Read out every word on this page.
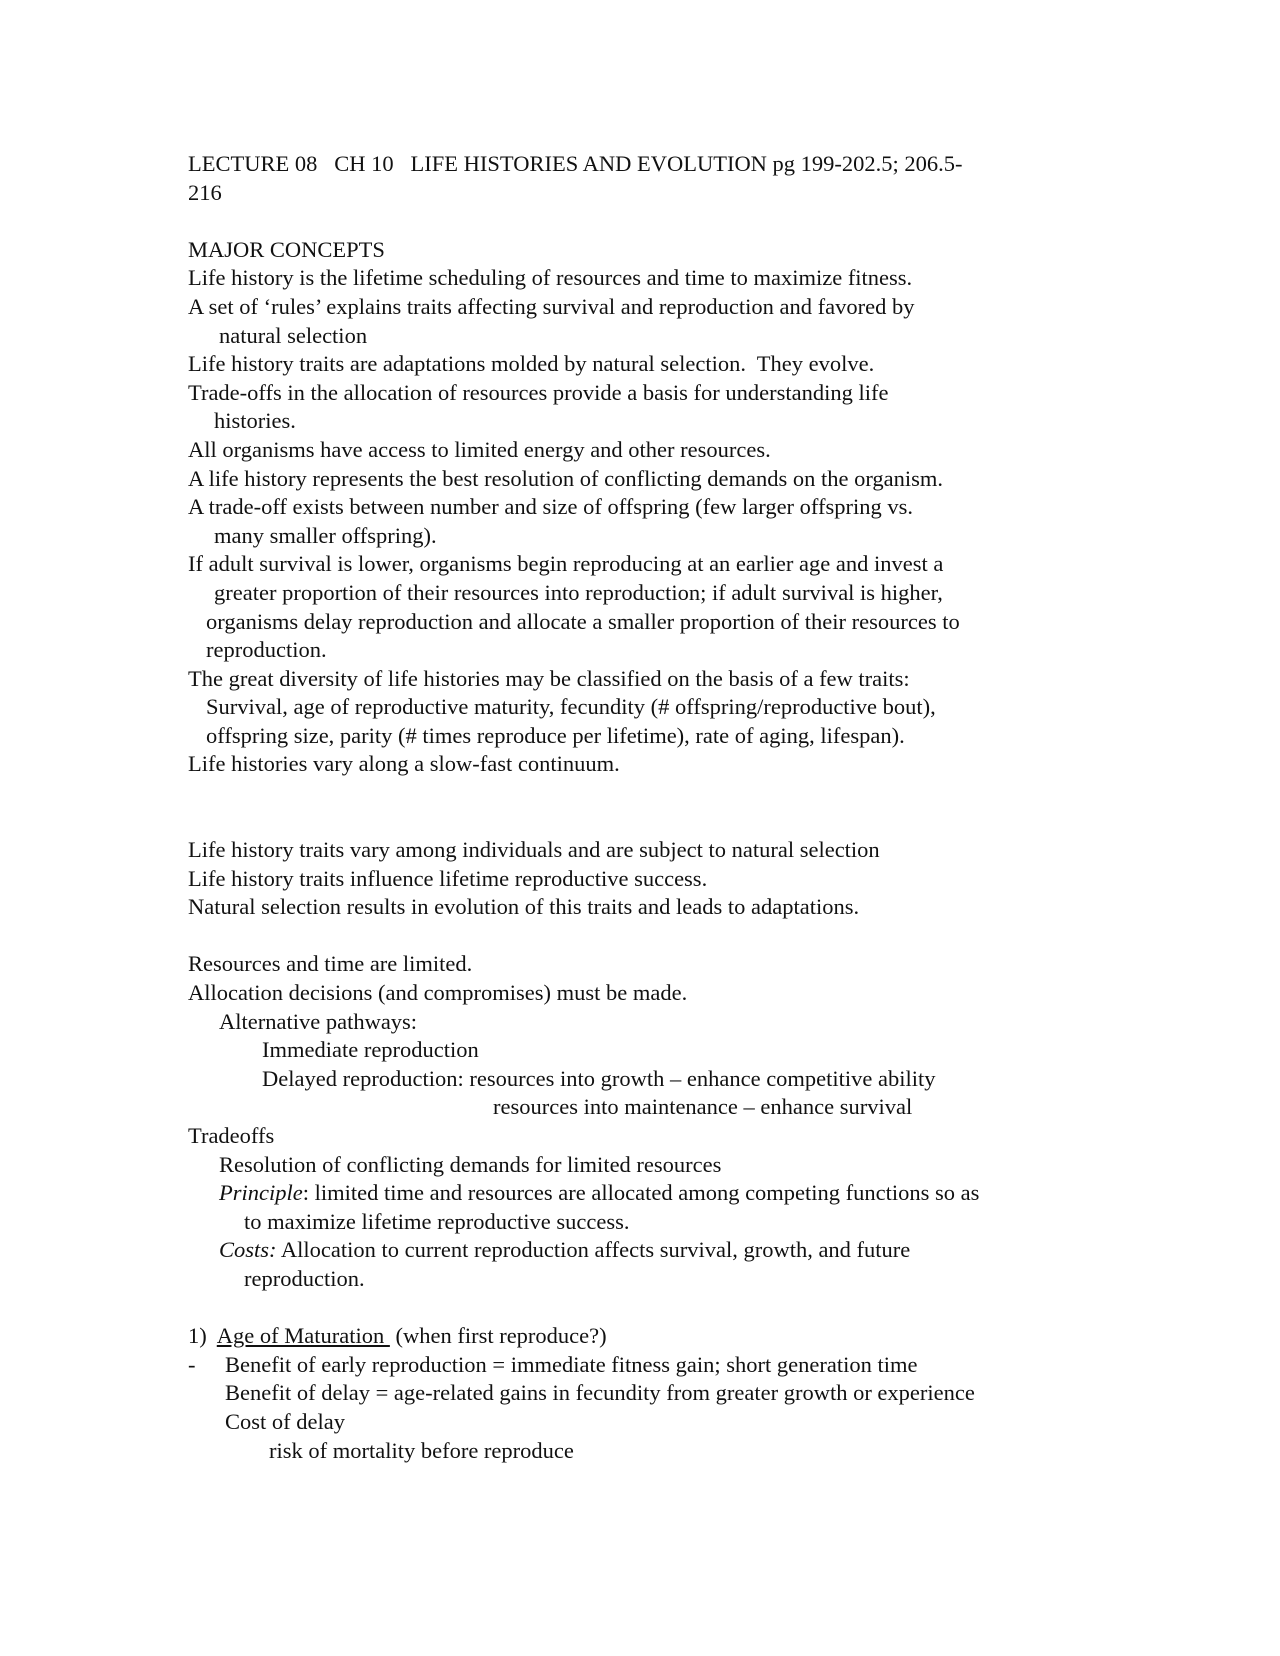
LECTURE 08   CH 10   LIFE HISTORIES AND EVOLUTION pg 199-202.5; 206.5-
216
MAJOR CONCEPTS
Life history is the lifetime scheduling of resources and time to maximize fitness.
A set of ‘rules’ explains traits affecting survival and reproduction and favored by
natural selection
Life history traits are adaptations molded by natural selection.  They evolve.
Trade-offs in the allocation of resources provide a basis for understanding life
histories.
All organisms have access to limited energy and other resources.
A life history represents the best resolution of conflicting demands on the organism.
A trade-off exists between number and size of offspring (few larger offspring vs.
many smaller offspring).
If adult survival is lower, organisms begin reproducing at an earlier age and invest a
greater proportion of their resources into reproduction; if adult survival is higher,
organisms delay reproduction and allocate a smaller proportion of their resources to
reproduction.
The great diversity of life histories may be classified on the basis of a few traits:
Survival, age of reproductive maturity, fecundity (# offspring/reproductive bout),
offspring size, parity (# times reproduce per lifetime), rate of aging, lifespan).
Life histories vary along a slow-fast continuum.
Life history traits vary among individuals and are subject to natural selection
Life history traits influence lifetime reproductive success.
Natural selection results in evolution of this traits and leads to adaptations.
Resources and time are limited.
Allocation decisions (and compromises) must be made.
Alternative pathways:
Immediate reproduction
Delayed reproduction: resources into growth – enhance competitive ability
resources into maintenance – enhance survival
Tradeoffs
Resolution of conflicting demands for limited resources
Principle: limited time and resources are allocated among competing functions so as
to maximize lifetime reproductive success.
Costs: Allocation to current reproduction affects survival, growth, and future
reproduction.
1) Age of Maturation  (when first reproduce?)
- Benefit of early reproduction = immediate fitness gain; short generation time
Benefit of delay = age-related gains in fecundity from greater growth or experience
Cost of delay
risk of mortality before reproduce
